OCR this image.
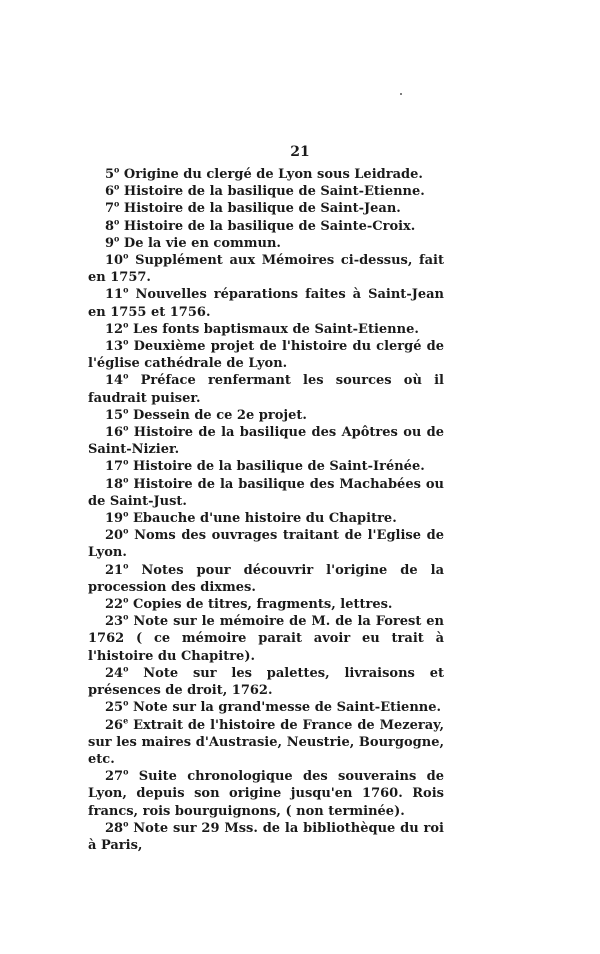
21

5$^o$ Origine du clergé de Lyon sous Leidrade.

6$^o$ Histoire de la basilique de Saint-Etienne.

7$^o$ Histoire de la basilique de Saint-Jean.

8$^o$ Histoire de la basilique de Sainte-Croix.

9$^o$ De la vie en commun.

10$^o$ Supplément aux Mémoires ci-dessus, fait en 1757.

11$^o$ Nouvelles réparations faites à Saint-Jean en 1755 et 1756.

12$^o$ Les fonts baptismaux de Saint-Etienne.

13$^o$ Deuxième projet de l'histoire du clergé de l'église cathédrale de Lyon.

14$^o$ Préface renfermant les sources où il faudrait puiser.

15$^o$ Dessein de ce 2e projet.

16$^o$ Histoire de la basilique des Apôtres ou de Saint-Nizier.

17$^o$ Histoire de la basilique de Saint-Irénée.

18$^o$ Histoire de la basilique des Machabées ou de Saint-Just.

19$^o$ Ebauche d'une histoire du Chapitre.

20$^o$ Noms des ouvrages traitant de l'Eglise de Lyon.

21$^o$ Notes pour découvrir l'origine de la procession des dixmes.

22$^o$ Copies de titres, fragments, lettres.

23$^o$ Note sur le mémoire de M. de la Forest en 1762 ( ce mémoire parait avoir eu trait à l'histoire du Chapitre).

24$^o$ Note sur les palettes, livraisons et présences de droit, 1762.

25$^o$ Note sur la grand'messe de Saint-Etienne.

26e Extrait de l'histoire de France de Mezeray, sur les maires d'Austrasie, Neustrie, Bourgogne, etc.

27$^o$ Suite chronologique des souverains de Lyon, depuis son origine jusqu'en 1760. Rois francs, rois bourguignons, ( non terminée).

28$^o$ Note sur 29 Mss. de la bibliothèque du roi à Paris,
